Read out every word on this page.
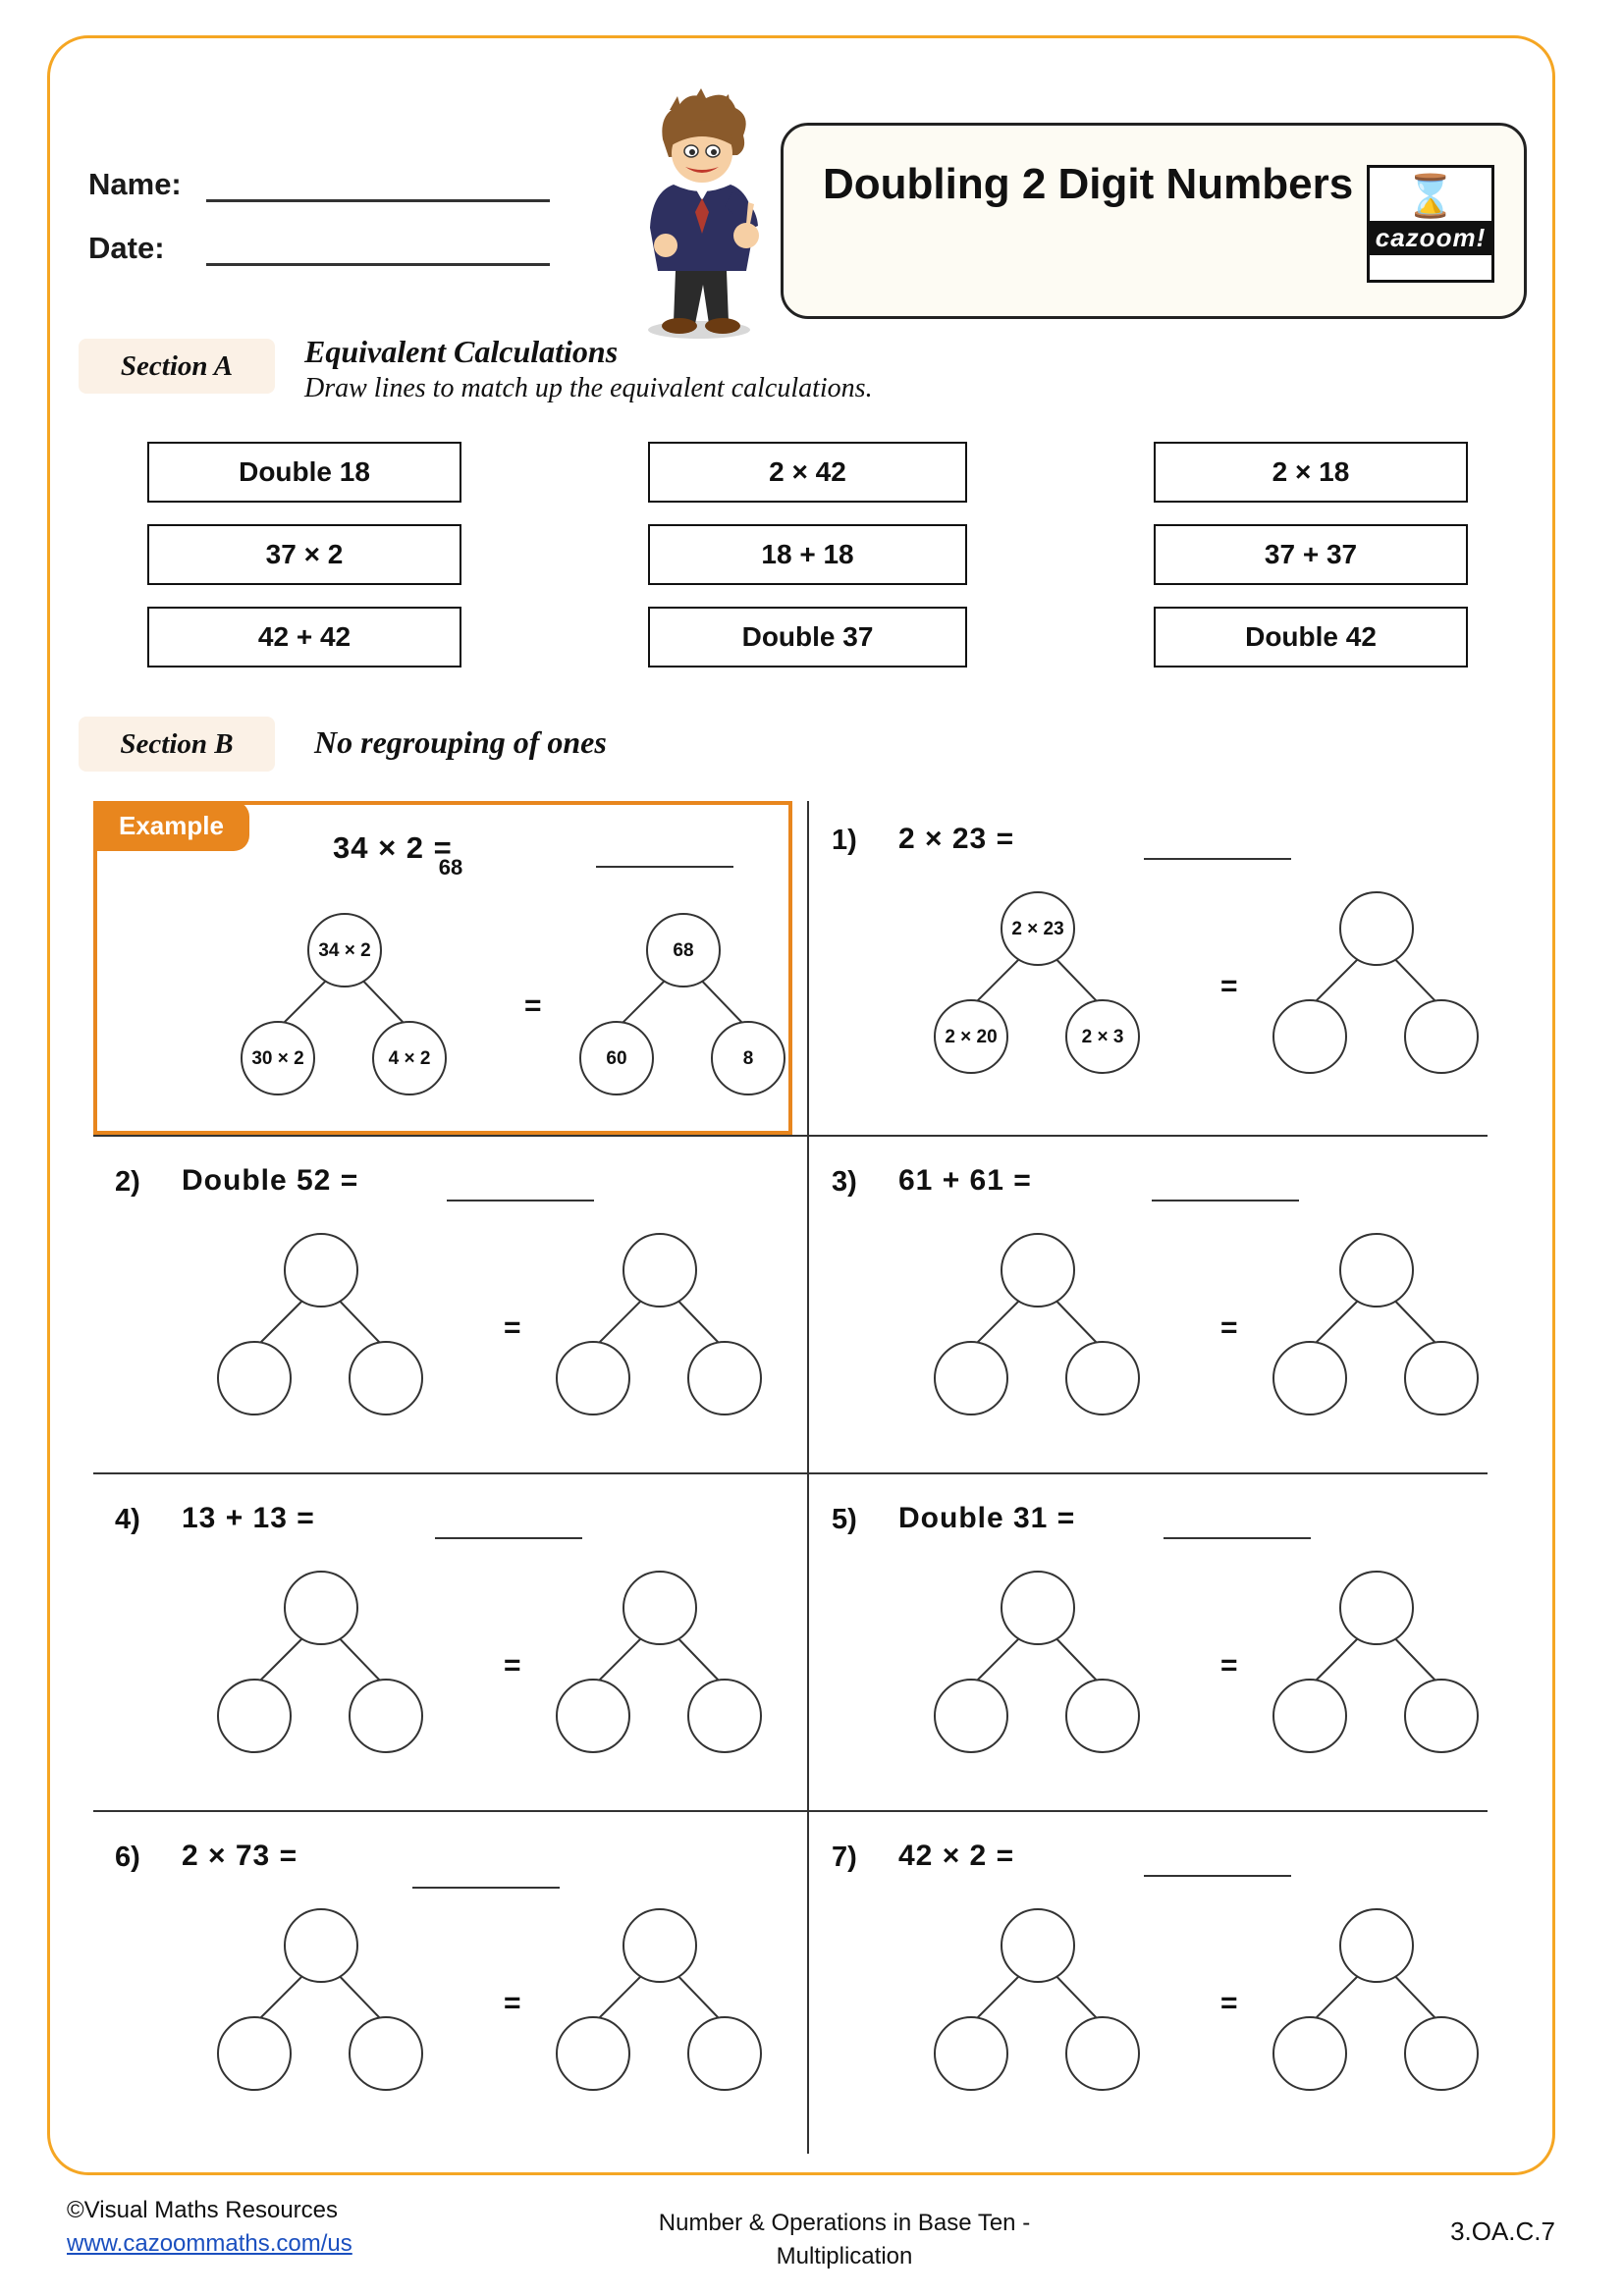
Name:
Date:
Doubling 2 Digit Numbers	⌛
cazoom!
Section A	Equivalent Calculations
Draw lines to match up the equivalent calculations.
Double 18
37 × 2
42 + 42
2 × 42
18 + 18
Double 37
2 × 18
37 + 37
Double 42
Section B	No regrouping of ones
Example
34 × 2 =
68
34 × 2
30 × 2	4 × 2
=
68
60	8
1) 2 × 23 =
2 × 23
2 × 20	2 × 3
=
2) Double 52 =
=
3) 61 + 61 =
=
4) 13 + 13 =
=
5) Double 31 =
=
6) 2 × 73 =
=
7) 42 × 2 =
=
©Visual Maths Resources
www.cazoommaths.com/us
Number & Operations in Base Ten -
Multiplication
3.OA.C.7
